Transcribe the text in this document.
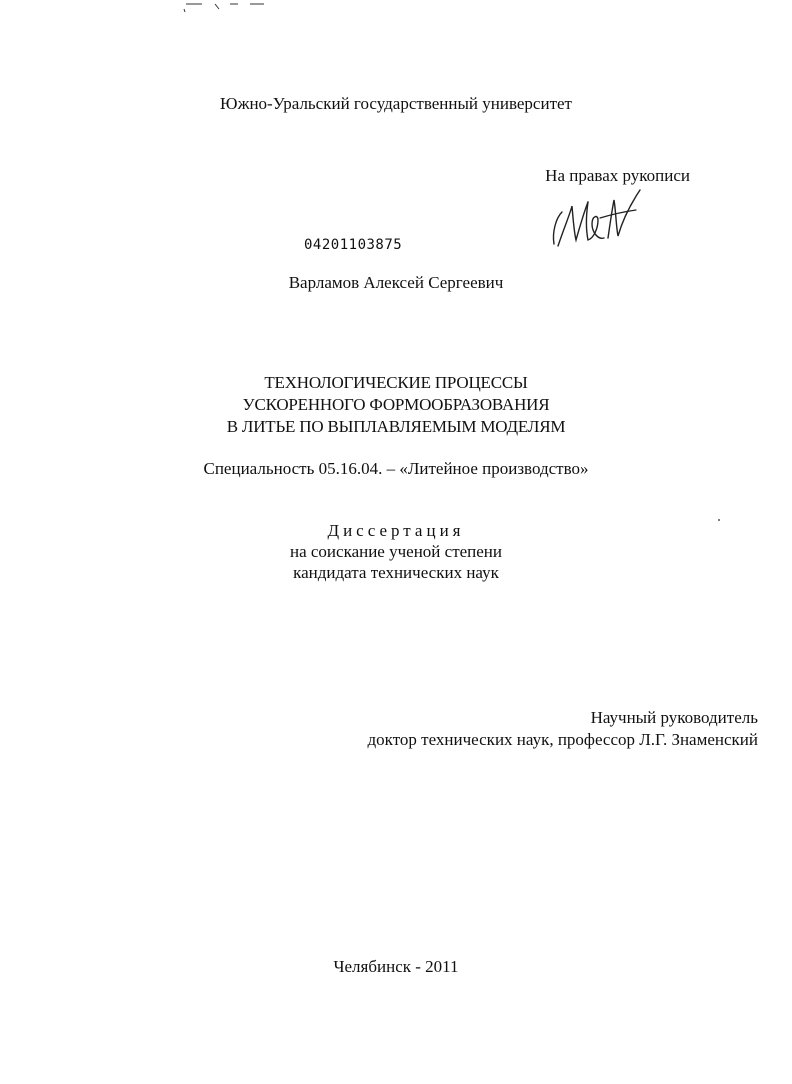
Южно-Уральский государственный университет
На правах рукописи
04201103875
Варламов Алексей Сергеевич
ТЕХНОЛОГИЧЕСКИЕ ПРОЦЕССЫ
УСКОРЕННОГО ФОРМООБРАЗОВАНИЯ
В ЛИТЬЕ ПО ВЫПЛАВЛЯЕМЫМ МОДЕЛЯМ
Специальность 05.16.04. – «Литейное производство»
Диссертация
на соискание ученой степени
кандидата технических наук
Научный руководитель
доктор технических наук, профессор Л.Г. Знаменский
Челябинск - 2011
